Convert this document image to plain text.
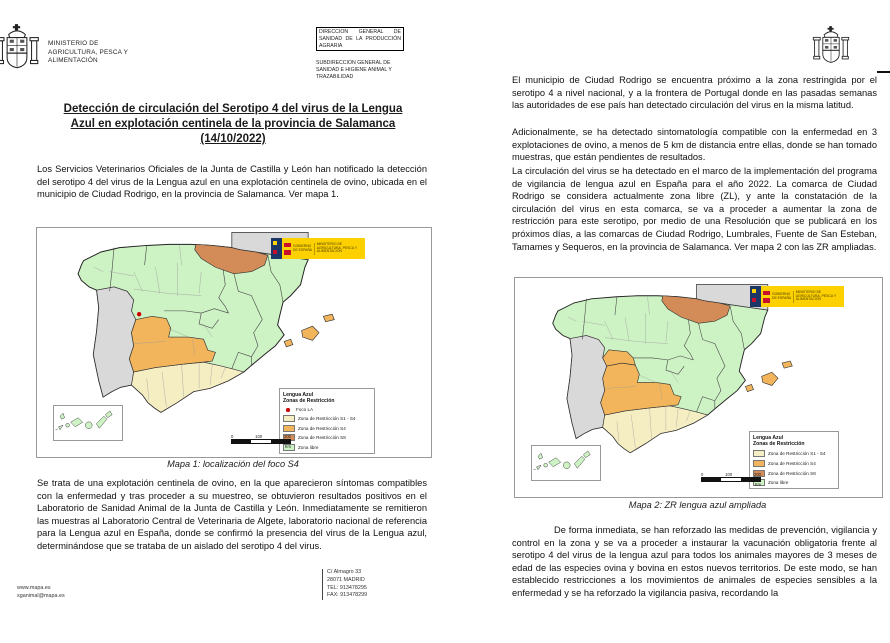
MINISTERIO DE
AGRICULTURA, PESCA Y
ALIMENTACIÓN
DIRECCION GENERAL DE SANIDAD DE LA PRODUCCIÓN AGRARIA
SUBDIRECCION GENERAL DE SANIDAD E HIGIENE ANIMAL Y TRAZABILIDAD
Detección de circulación del Serotipo 4 del virus de la Lengua
Azul en explotación centinela de la provincia de Salamanca
(14/10/2022)
Los Servicios Veterinarios Oficiales de la Junta de Castilla y León han notificado la detección del serotipo 4 del virus de la Lengua azul en una explotación centinela de ovino, ubicada en el municipio de Ciudad Rodrigo, en la provincia de Salamanca. Ver mapa 1.
GOBIERNO DE ESPAÑA
MINISTERIO DE AGRICULTURA, PESCA Y ALIMENTACIÓN
Lengua Azul
Zonas de Restricción
Foco LA
Zona de Restricción S1 - S4
Zona de Restricción S4
Zona de Restricción S8
Zona libre
0	100	200
Km
Mapa 1: localización del foco S4
Se trata de una explotación centinela de ovino, en la que aparecieron síntomas compatibles con la enfermedad y tras proceder a su muestreo, se obtuvieron resultados positivos en el Laboratorio de Sanidad Animal de la Junta de Castilla y León. Inmediatamente se remitieron las muestras al Laboratorio Central de Veterinaria de Algete, laboratorio nacional de referencia para la Lengua azul en España, donde se confirmó la presencia del virus de la Lengua azul, determinándose que se trataba de un aislado del serotipo 4 del virus.
www.mapa.es
sganimal@mapa.es
C/ Almagro 33
28071 MADRID
TEL: 913478295
FAX: 913478299
El municipio de Ciudad Rodrigo se encuentra próximo a la zona restringida por el serotipo 4 a nivel nacional, y a la frontera de Portugal donde en las pasadas semanas las autoridades de ese país han detectado circulación del virus en la misma latitud.
Adicionalmente, se ha detectado sintomatología compatible con la enfermedad en 3 explotaciones de ovino, a menos de 5 km de distancia entre ellas, donde se han tomado muestras, que están pendientes de resultados.
La circulación del virus se ha detectado en el marco de la implementación del programa de vigilancia de lengua azul en España para el año 2022. La comarca de Ciudad Rodrigo se considera actualmente zona libre (ZL), y ante la constatación de la circulación del virus en esta comarca, se va a proceder a aumentar la zona de restricción para este serotipo, por medio de una Resolución que se publicará en los próximos días, a las comarcas de Ciudad Rodrigo, Lumbrales, Fuente de San Esteban, Tamames y Sequeros, en la provincia de Salamanca. Ver mapa 2 con las ZR ampliadas.
GOBIERNO DE ESPAÑA
MINISTERIO DE AGRICULTURA, PESCA Y ALIMENTACIÓN
Lengua Azul
Zonas de Restricción
Zona de Restricción S1 - S4
Zona de Restricción S4
Zona de Restricción S8
Zona libre
0	100	200
Km
Mapa 2: ZR lengua azul ampliada
De forma inmediata, se han reforzado las medidas de prevención, vigilancia y control en la zona y se va a proceder a instaurar la vacunación obligatoria frente al serotipo 4 del virus de la lengua azul para todos los animales mayores de 3 meses de edad de las especies ovina y bovina en estos nuevos territorios. De este modo, se han establecido restricciones a los movimientos de animales de especies sensibles a la enfermedad y se ha reforzado la vigilancia pasiva, recordando la
